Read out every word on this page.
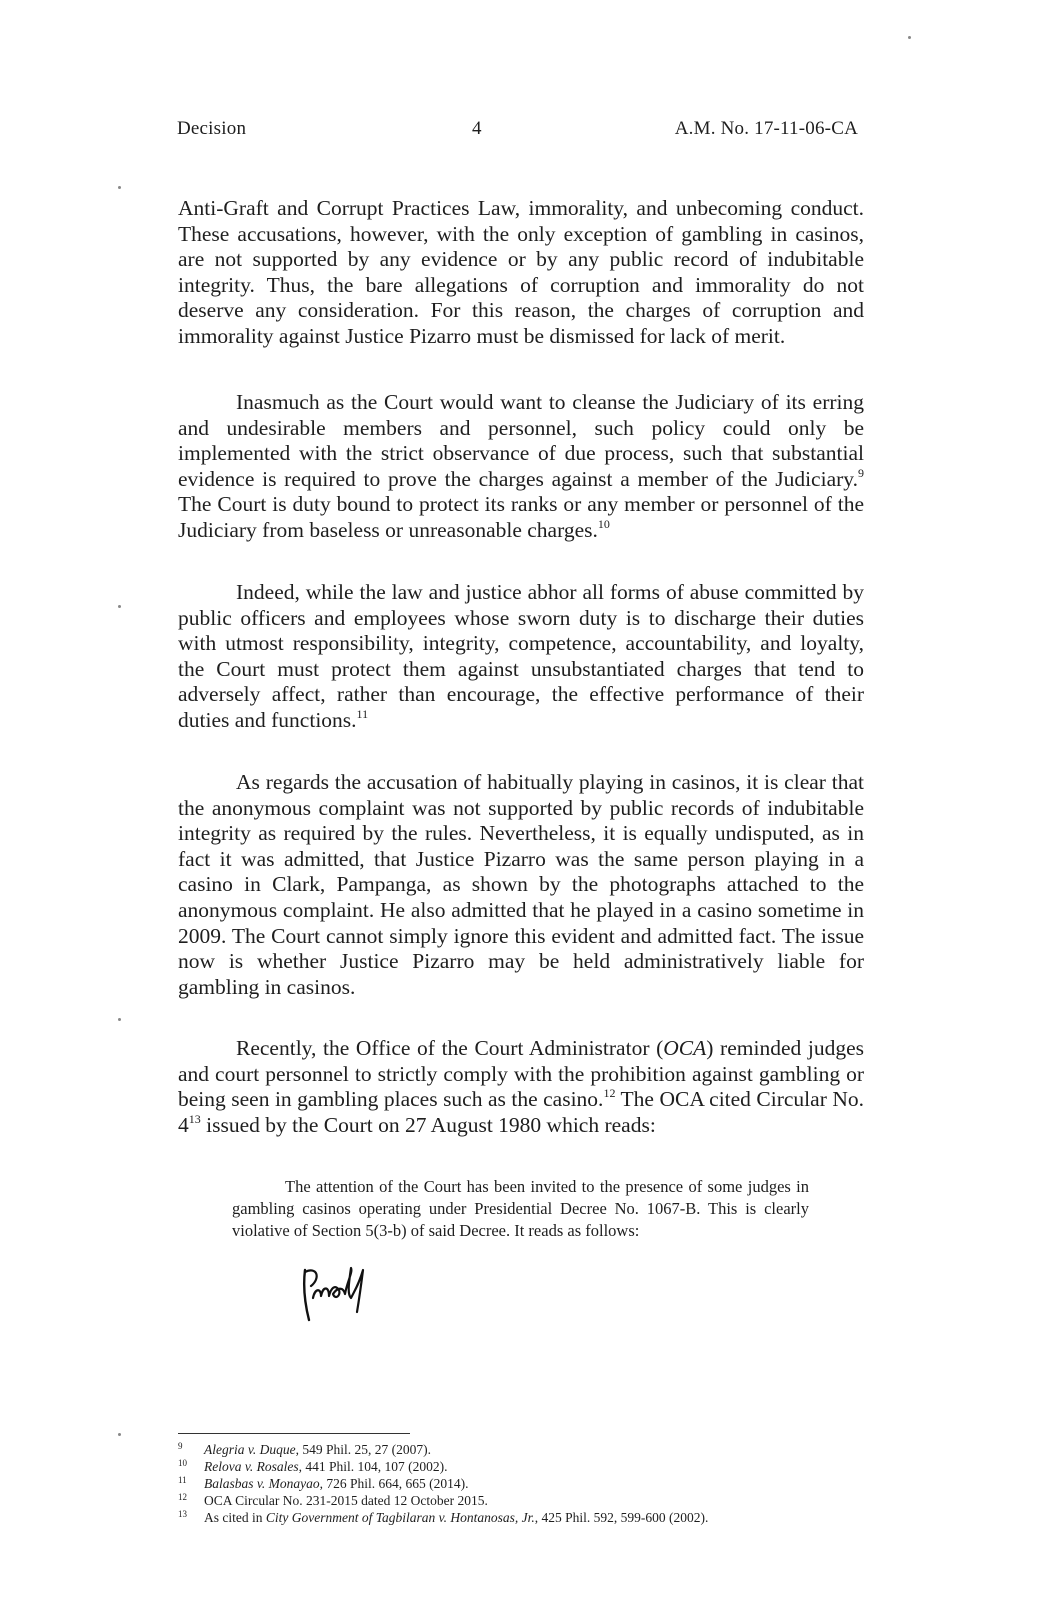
Decision	4	A.M. No. 17-11-06-CA

Anti-Graft and Corrupt Practices Law, immorality, and unbecoming conduct. These accusations, however, with the only exception of gambling in casinos, are not supported by any evidence or by any public record of indubitable integrity. Thus, the bare allegations of corruption and immorality do not deserve any consideration. For this reason, the charges of corruption and immorality against Justice Pizarro must be dismissed for lack of merit.

Inasmuch as the Court would want to cleanse the Judiciary of its erring and undesirable members and personnel, such policy could only be implemented with the strict observance of due process, such that substantial evidence is required to prove the charges against a member of the Judiciary.$^9$ The Court is duty bound to protect its ranks or any member or personnel of the Judiciary from baseless or unreasonable charges.$^{10}$

Indeed, while the law and justice abhor all forms of abuse committed by public officers and employees whose sworn duty is to discharge their duties with utmost responsibility, integrity, competence, accountability, and loyalty, the Court must protect them against unsubstantiated charges that tend to adversely affect, rather than encourage, the effective performance of their duties and functions.$^{11}$

As regards the accusation of habitually playing in casinos, it is clear that the anonymous complaint was not supported by public records of indubitable integrity as required by the rules. Nevertheless, it is equally undisputed, as in fact it was admitted, that Justice Pizarro was the same person playing in a casino in Clark, Pampanga, as shown by the photographs attached to the anonymous complaint. He also admitted that he played in a casino sometime in 2009. The Court cannot simply ignore this evident and admitted fact. The issue now is whether Justice Pizarro may be held administratively liable for gambling in casinos.

Recently, the Office of the Court Administrator (OCA) reminded judges and court personnel to strictly comply with the prohibition against gambling or being seen in gambling places such as the casino.$^{12}$ The OCA cited Circular No. $4^{13}$ issued by the Court on 27 August 1980 which reads:

The attention of the Court has been invited to the presence of some judges in gambling casinos operating under Presidential Decree No. 1067-B. This is clearly violative of Section 5(3-b) of said Decree. It reads as follows:

9 Alegria v. Duque, 549 Phil. 25, 27 (2007).
10 Relova v. Rosales, 441 Phil. 104, 107 (2002).
11 Balasbas v. Monayao, 726 Phil. 664, 665 (2014).
12 OCA Circular No. 231-2015 dated 12 October 2015.
13 As cited in City Government of Tagbilaran v. Hontanosas, Jr., 425 Phil. 592, 599-600 (2002).
